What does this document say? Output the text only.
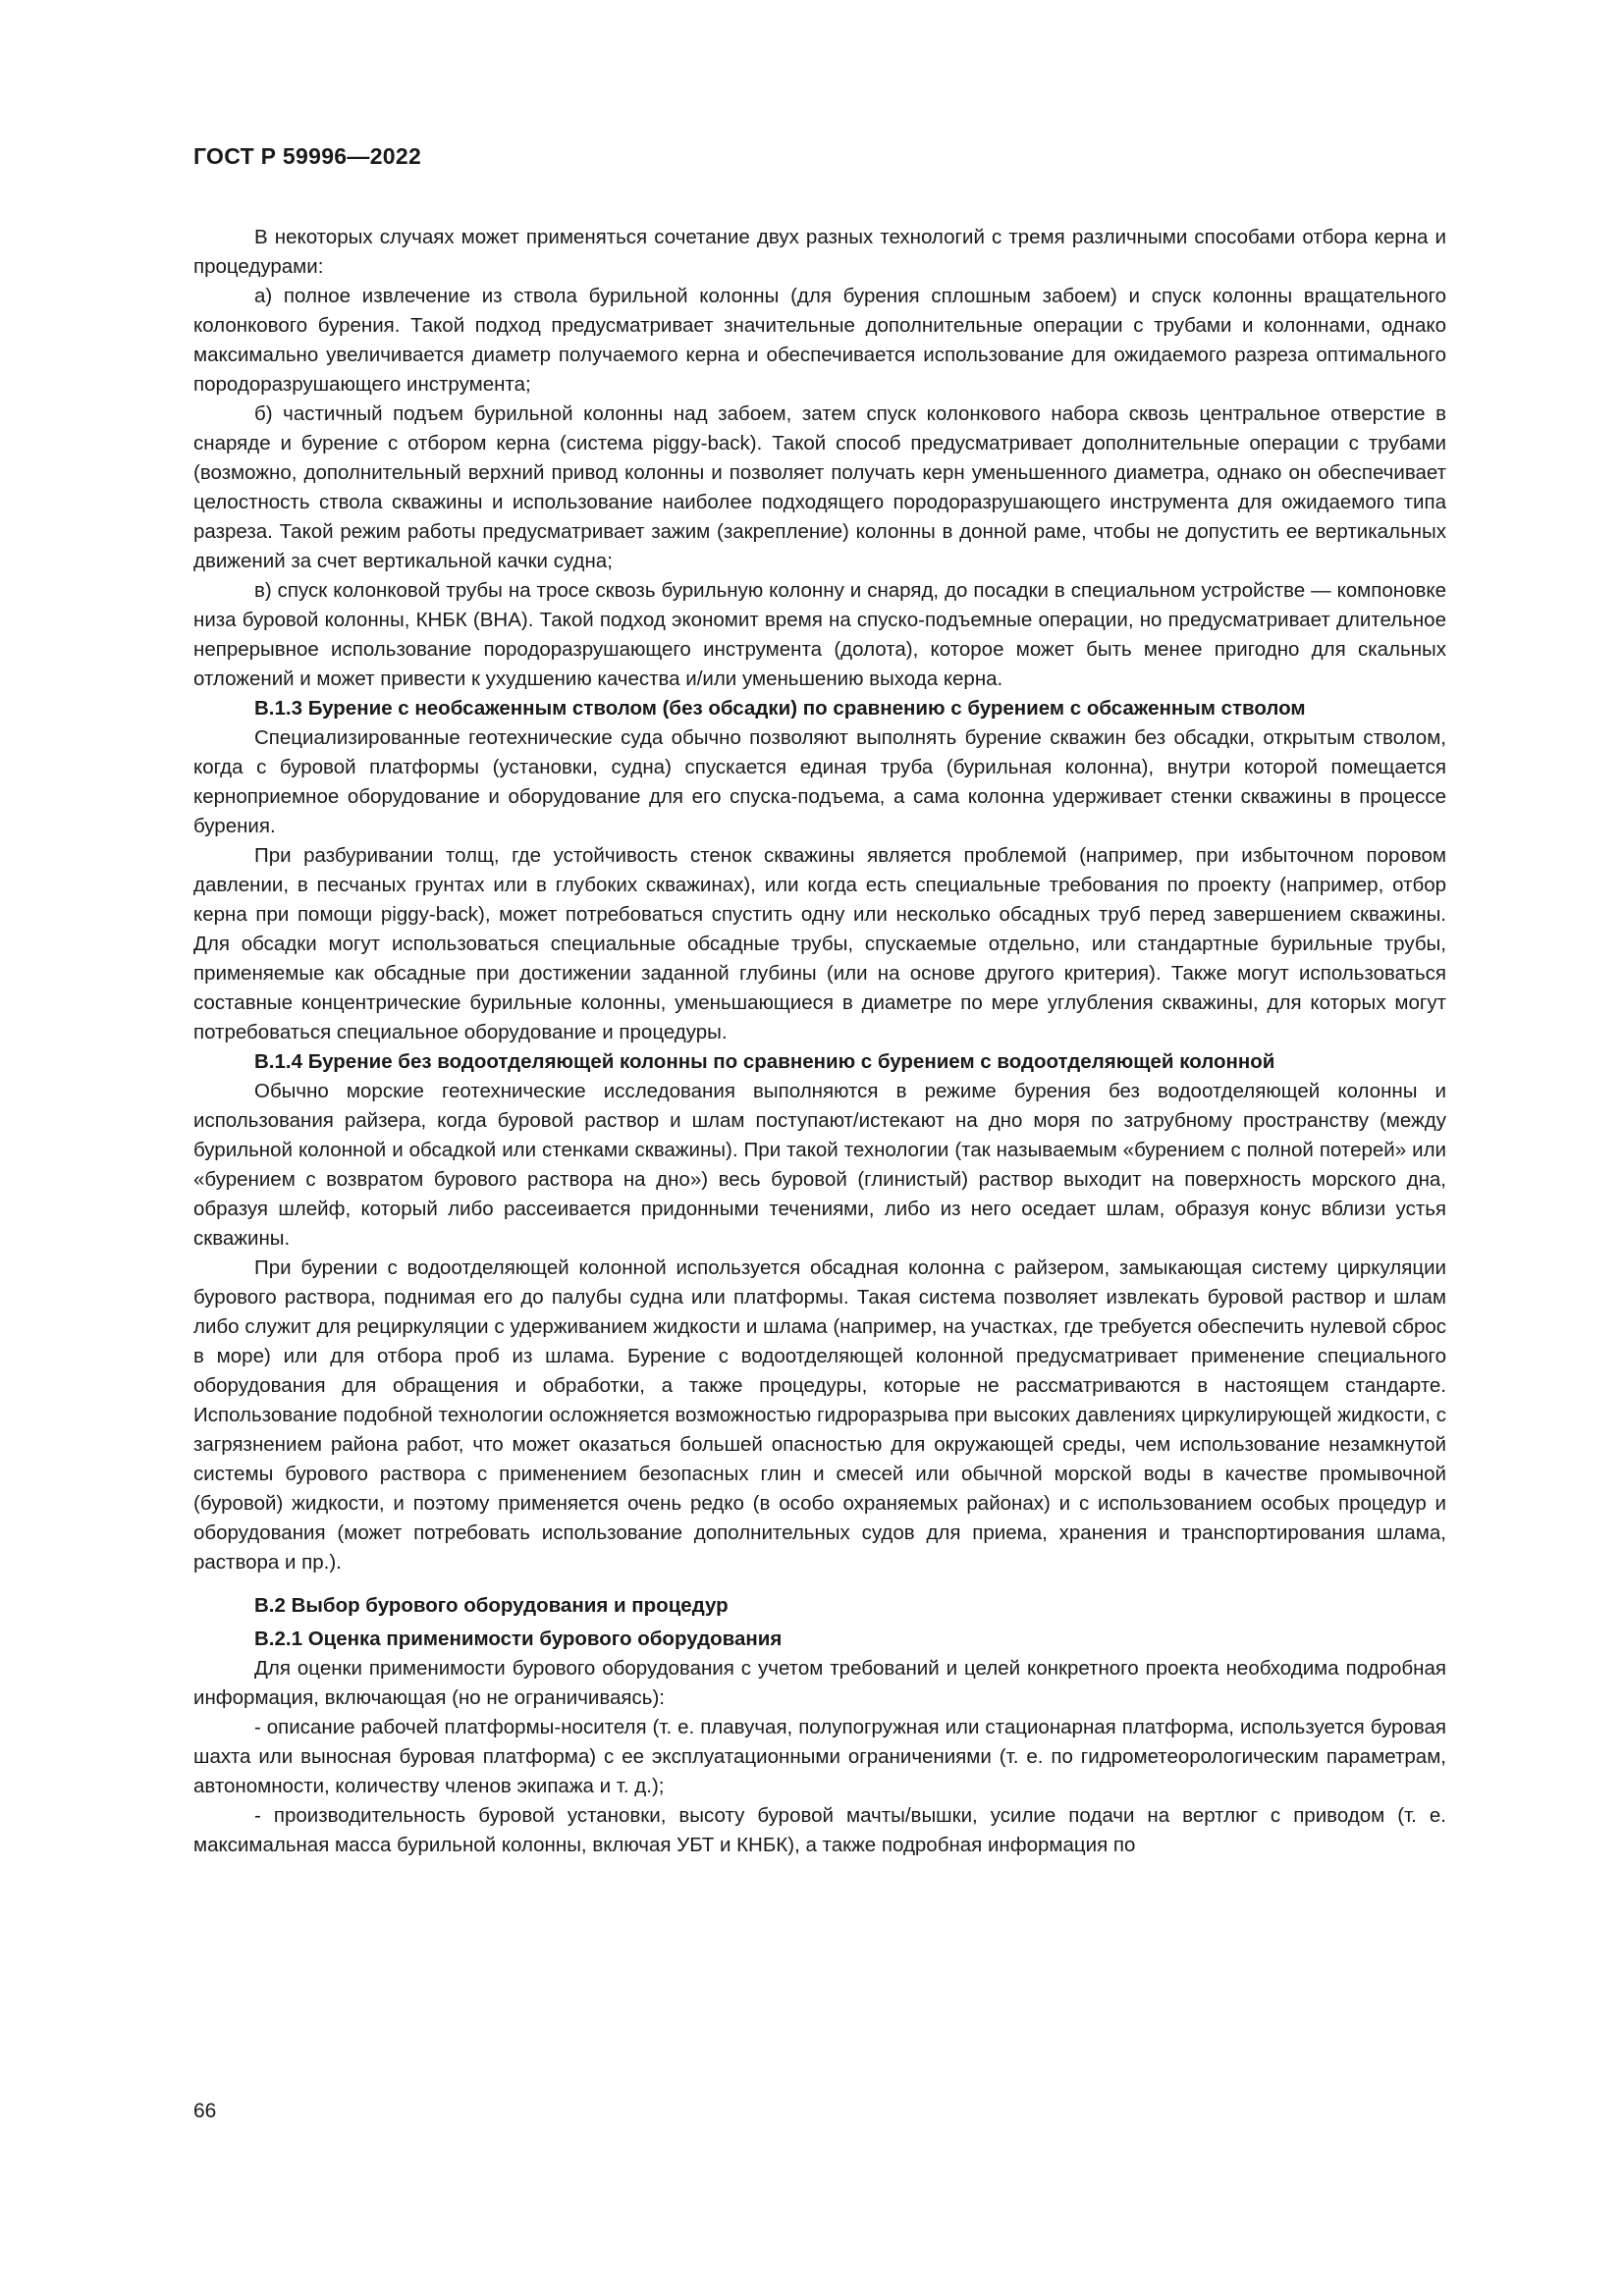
ГОСТ Р 59996—2022

В некоторых случаях может применяться сочетание двух разных технологий с тремя различными способами отбора керна и процедурами:

а) полное извлечение из ствола бурильной колонны (для бурения сплошным забоем) и спуск колонны вращательного колонкового бурения. Такой подход предусматривает значительные дополнительные операции с трубами и колоннами, однако максимально увеличивается диаметр получаемого керна и обеспечивается использование для ожидаемого разреза оптимального породоразрушающего инструмента;

б) частичный подъем бурильной колонны над забоем, затем спуск колонкового набора сквозь центральное отверстие в снаряде и бурение с отбором керна (система piggy-back). Такой способ предусматривает дополнительные операции с трубами (возможно, дополнительный верхний привод колонны и позволяет получать керн уменьшенного диаметра, однако он обеспечивает целостность ствола скважины и использование наиболее подходящего породоразрушающего инструмента для ожидаемого типа разреза. Такой режим работы предусматривает зажим (закрепление) колонны в донной раме, чтобы не допустить ее вертикальных движений за счет вертикальной качки судна;

в) спуск колонковой трубы на тросе сквозь бурильную колонну и снаряд, до посадки в специальном устройстве — компоновке низа буровой колонны, КНБК (ВНА). Такой подход экономит время на спуско-подъемные операции, но предусматривает длительное непрерывное использование породоразрушающего инструмента (долота), которое может быть менее пригодно для скальных отложений и может привести к ухудшению качества и/или уменьшению выхода керна.

B.1.3 Бурение с необсаженным стволом (без обсадки) по сравнению с бурением с обсаженным стволом

Специализированные геотехнические суда обычно позволяют выполнять бурение скважин без обсадки, открытым стволом, когда с буровой платформы (установки, судна) спускается единая труба (бурильная колонна), внутри которой помещается керноприемное оборудование и оборудование для его спуска-подъема, а сама колонна удерживает стенки скважины в процессе бурения.

При разбуривании толщ, где устойчивость стенок скважины является проблемой (например, при избыточном поровом давлении, в песчаных грунтах или в глубоких скважинах), или когда есть специальные требования по проекту (например, отбор керна при помощи piggy-back), может потребоваться спустить одну или несколько обсадных труб перед завершением скважины. Для обсадки могут использоваться специальные обсадные трубы, спускаемые отдельно, или стандартные бурильные трубы, применяемые как обсадные при достижении заданной глубины (или на основе другого критерия). Также могут использоваться составные концентрические бурильные колонны, уменьшающиеся в диаметре по мере углубления скважины, для которых могут потребоваться специальное оборудование и процедуры.

B.1.4 Бурение без водоотделяющей колонны по сравнению с бурением с водоотделяющей колонной

Обычно морские геотехнические исследования выполняются в режиме бурения без водоотделяющей колонны и использования райзера, когда буровой раствор и шлам поступают/истекают на дно моря по затрубному пространству (между бурильной колонной и обсадкой или стенками скважины). При такой технологии (так называемым «бурением с полной потерей» или «бурением с возвратом бурового раствора на дно») весь буровой (глинистый) раствор выходит на поверхность морского дна, образуя шлейф, который либо рассеивается придонными течениями, либо из него оседает шлам, образуя конус вблизи устья скважины.

При бурении с водоотделяющей колонной используется обсадная колонна с райзером, замыкающая систему циркуляции бурового раствора, поднимая его до палубы судна или платформы. Такая система позволяет извлекать буровой раствор и шлам либо служит для рециркуляции с удерживанием жидкости и шлама (например, на участках, где требуется обеспечить нулевой сброс в море) или для отбора проб из шлама. Бурение с водоотделяющей колонной предусматривает применение специального оборудования для обращения и обработки, а также процедуры, которые не рассматриваются в настоящем стандарте. Использование подобной технологии осложняется возможностью гидроразрыва при высоких давлениях циркулирующей жидкости, с загрязнением района работ, что может оказаться большей опасностью для окружающей среды, чем использование незамкнутой системы бурового раствора с применением безопасных глин и смесей или обычной морской воды в качестве промывочной (буровой) жидкости, и поэтому применяется очень редко (в особо охраняемых районах) и с использованием особых процедур и оборудования (может потребовать использование дополнительных судов для приема, хранения и транспортирования шлама, раствора и пр.).

B.2 Выбор бурового оборудования и процедур

B.2.1 Оценка применимости бурового оборудования

Для оценки применимости бурового оборудования с учетом требований и целей конкретного проекта необходима подробная информация, включающая (но не ограничиваясь):

- описание рабочей платформы-носителя (т. е. плавучая, полупогружная или стационарная платформа, используется буровая шахта или выносная буровая платформа) с ее эксплуатационными ограничениями (т. е. по гидрометеорологическим параметрам, автономности, количеству членов экипажа и т. д.);

- производительность буровой установки, высоту буровой мачты/вышки, усилие подачи на вертлюг с приводом (т. е. максимальная масса бурильной колонны, включая УБТ и КНБК), а также подробная информация по

66
